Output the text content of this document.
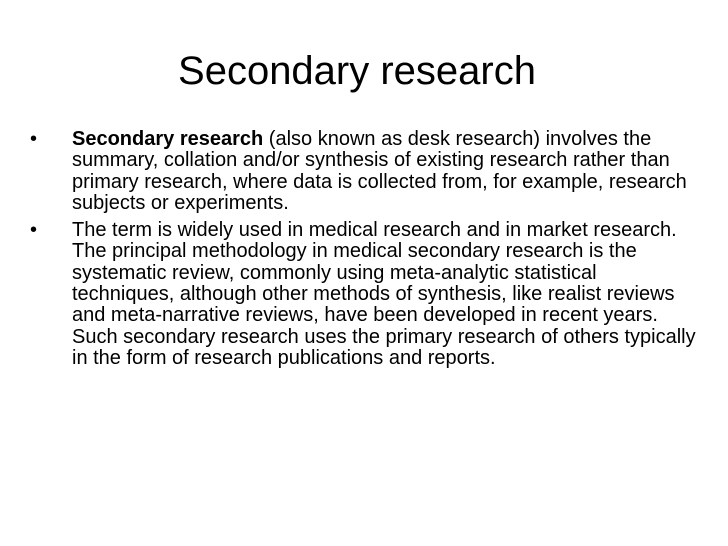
Secondary research
• Secondary research (also known as desk research) involves the summary, collation and/or synthesis of existing research rather than primary research, where data is collected from, for example, research subjects or experiments.
• The term is widely used in medical research and in market research. The principal methodology in medical secondary research is the systematic review, commonly using meta-analytic statistical techniques, although other methods of synthesis, like realist reviews and meta-narrative reviews, have been developed in recent years. Such secondary research uses the primary research of others typically in the form of research publications and reports.
